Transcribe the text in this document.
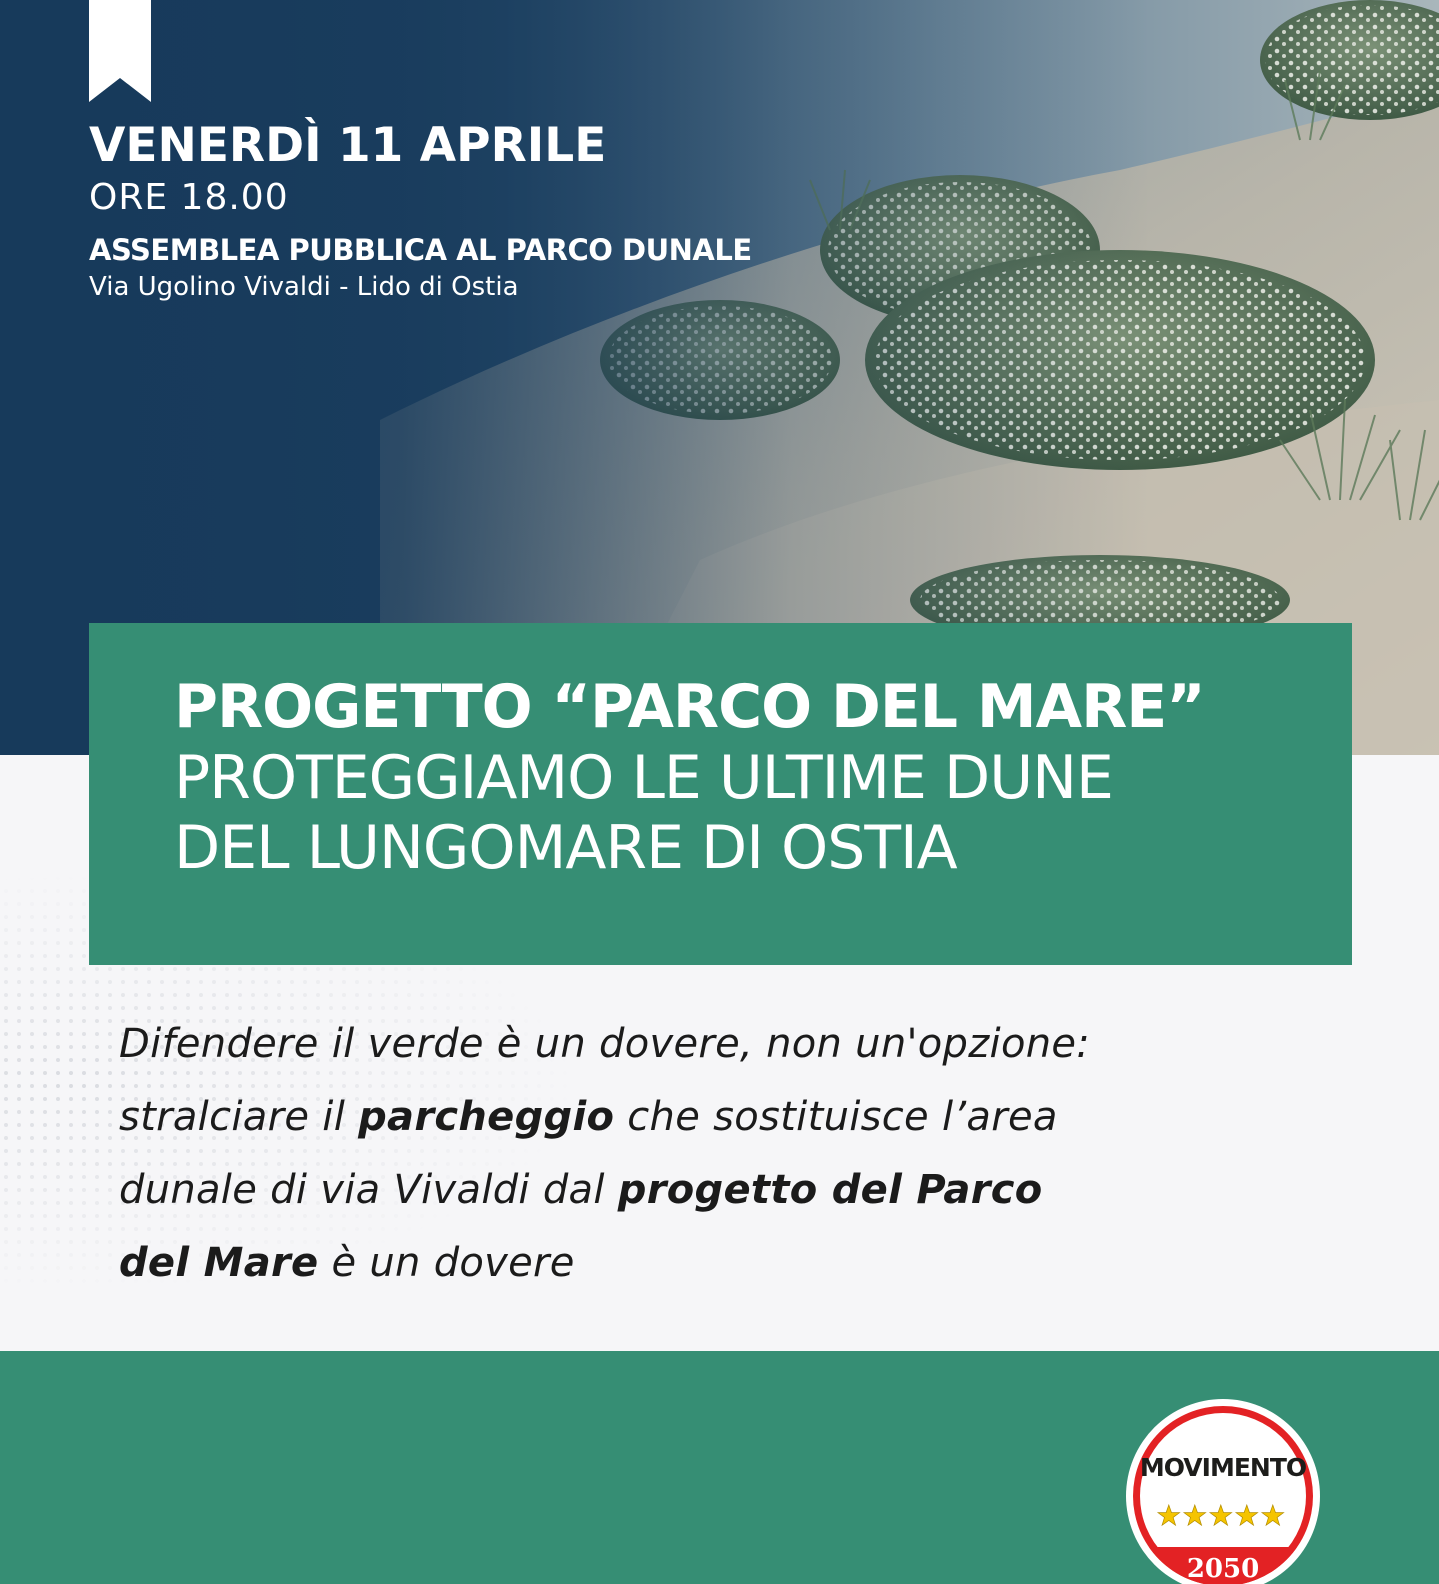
VENERDÌ 11 APRILE
ORE 18.00
ASSEMBLEA PUBBLICA AL PARCO DUNALE
Via Ugolino Vivaldi - Lido di Ostia
PROGETTO “PARCO DEL MARE”
PROTEGGIAMO LE ULTIME DUNE
DEL LUNGOMARE DI OSTIA
Difendere il verde è un dovere, non un'opzione:
stralciare il parcheggio che sostituisce l’area
dunale di via Vivaldi dal progetto del Parco
del Mare è un dovere
MOVIMENTO
2050
